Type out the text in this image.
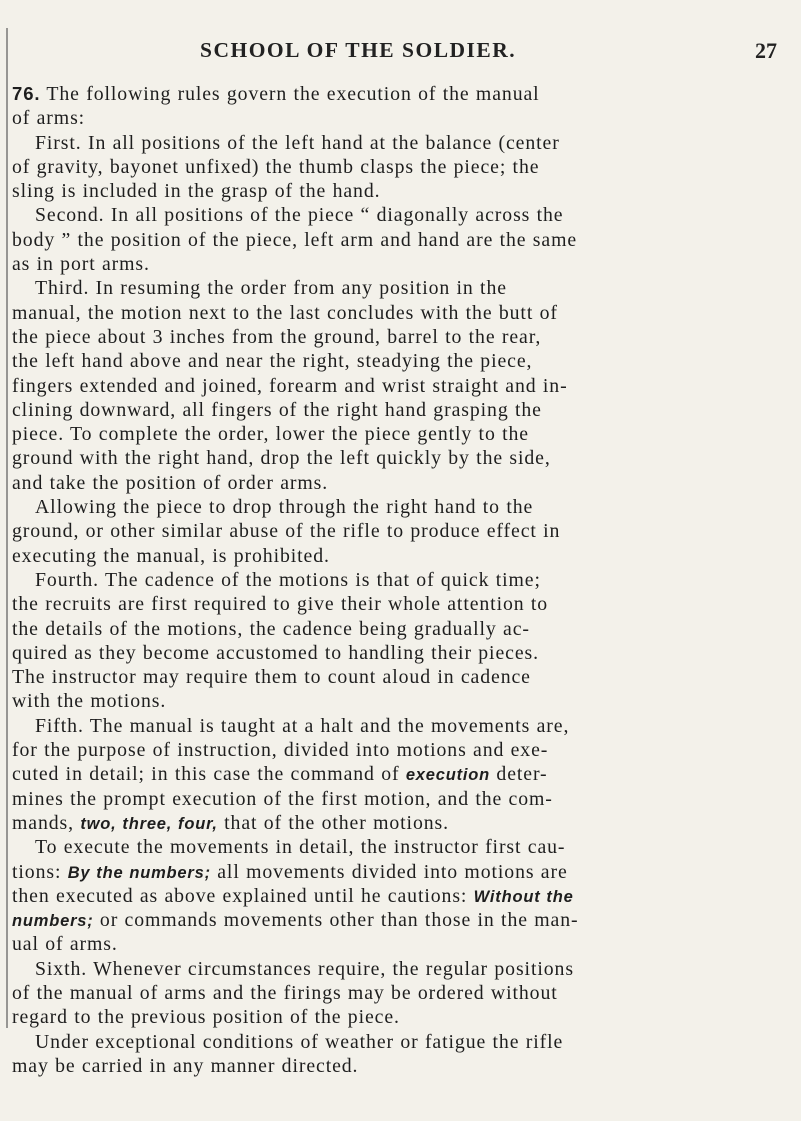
SCHOOL OF THE SOLDIER.	27
76. The following rules govern the execution of the manual
of arms:
First. In all positions of the left hand at the balance (center
of gravity, bayonet unfixed) the thumb clasps the piece; the
sling is included in the grasp of the hand.
Second. In all positions of the piece “ diagonally across the
body ” the position of the piece, left arm and hand are the same
as in port arms.
Third. In resuming the order from any position in the
manual, the motion next to the last concludes with the butt of
the piece about 3 inches from the ground, barrel to the rear,
the left hand above and near the right, steadying the piece,
fingers extended and joined, forearm and wrist straight and in-
clining downward, all fingers of the right hand grasping the
piece. To complete the order, lower the piece gently to the
ground with the right hand, drop the left quickly by the side,
and take the position of order arms.
Allowing the piece to drop through the right hand to the
ground, or other similar abuse of the rifle to produce effect in
executing the manual, is prohibited.
Fourth. The cadence of the motions is that of quick time;
the recruits are first required to give their whole attention to
the details of the motions, the cadence being gradually ac-
quired as they become accustomed to handling their pieces.
The instructor may require them to count aloud in cadence
with the motions.
Fifth. The manual is taught at a halt and the movements are,
for the purpose of instruction, divided into motions and exe-
cuted in detail; in this case the command of execution deter-
mines the prompt execution of the first motion, and the com-
mands, two, three, four, that of the other motions.
To execute the movements in detail, the instructor first cau-
tions: By the numbers; all movements divided into motions are
then executed as above explained until he cautions: Without the
numbers; or commands movements other than those in the man-
ual of arms.
Sixth. Whenever circumstances require, the regular positions
of the manual of arms and the firings may be ordered without
regard to the previous position of the piece.
Under exceptional conditions of weather or fatigue the rifle
may be carried in any manner directed.
